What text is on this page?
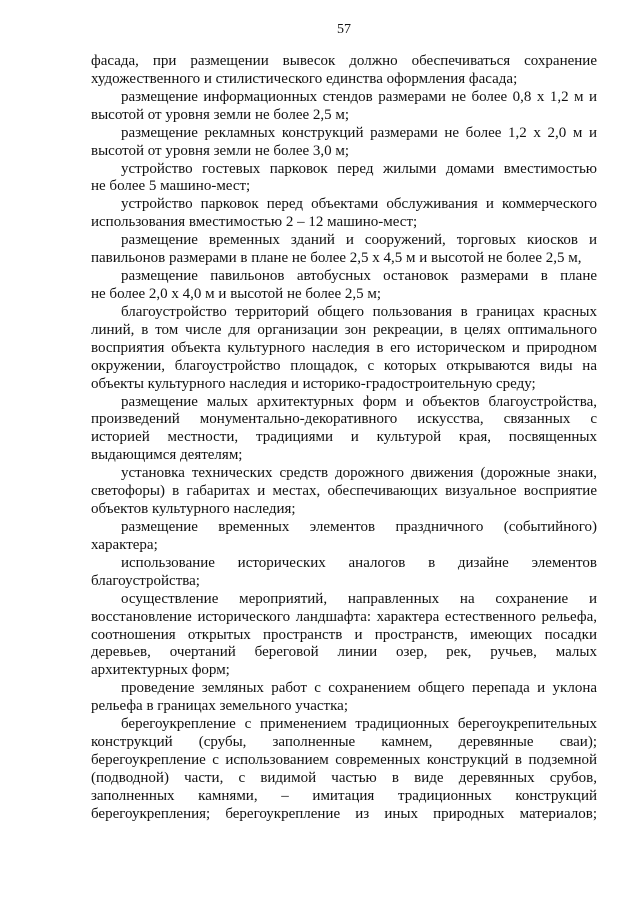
57
фасада, при размещении вывесок должно обеспечиваться сохранение
художественного и стилистического единства оформления фасада;
размещение информационных стендов размерами не более 0,8 х 1,2 м и
высотой от уровня земли не более 2,5 м;
размещение рекламных конструкций размерами не более 1,2 х 2,0 м и
высотой от уровня земли не более 3,0 м;
устройство гостевых парковок перед жилыми домами вместимостью
не более 5 машино-мест;
устройство парковок перед объектами обслуживания и коммерческого
использования вместимостью 2 – 12 машино-мест;
размещение временных зданий и сооружений, торговых киосков и
павильонов размерами в плане не более 2,5 х 4,5 м и высотой не более 2,5 м,
размещение павильонов автобусных остановок размерами в плане
не более 2,0 х 4,0 м и высотой не более 2,5 м;
благоустройство территорий общего пользования в границах красных
линий, в том числе для организации зон рекреации, в целях оптимального
восприятия объекта культурного наследия в его историческом и природном
окружении, благоустройство площадок, с которых открываются виды на
объекты культурного наследия и историко-градостроительную среду;
размещение малых архитектурных форм и объектов благоустройства,
произведений монументально-декоративного искусства, связанных с
историей местности, традициями и культурой края, посвященных
выдающимся деятелям;
установка технических средств дорожного движения (дорожные знаки,
светофоры) в габаритах и местах, обеспечивающих визуальное восприятие
объектов культурного наследия;
размещение временных элементов праздничного (событийного)
характера;
использование исторических аналогов в дизайне элементов
благоустройства;
осуществление мероприятий, направленных на сохранение и
восстановление исторического ландшафта: характера естественного рельефа,
соотношения открытых пространств и пространств, имеющих посадки
деревьев, очертаний береговой линии озер, рек, ручьев, малых
архитектурных форм;
проведение земляных работ с сохранением общего перепада и уклона
рельефа в границах земельного участка;
берегоукрепление с применением традиционных берегоукрепительных
конструкций (срубы, заполненные камнем, деревянные сваи);
берегоукрепление с использованием современных конструкций в подземной
(подводной) части, с видимой частью в виде деревянных срубов,
заполненных камнями, – имитация традиционных конструкций
берегоукрепления; берегоукрепление из иных природных материалов;
